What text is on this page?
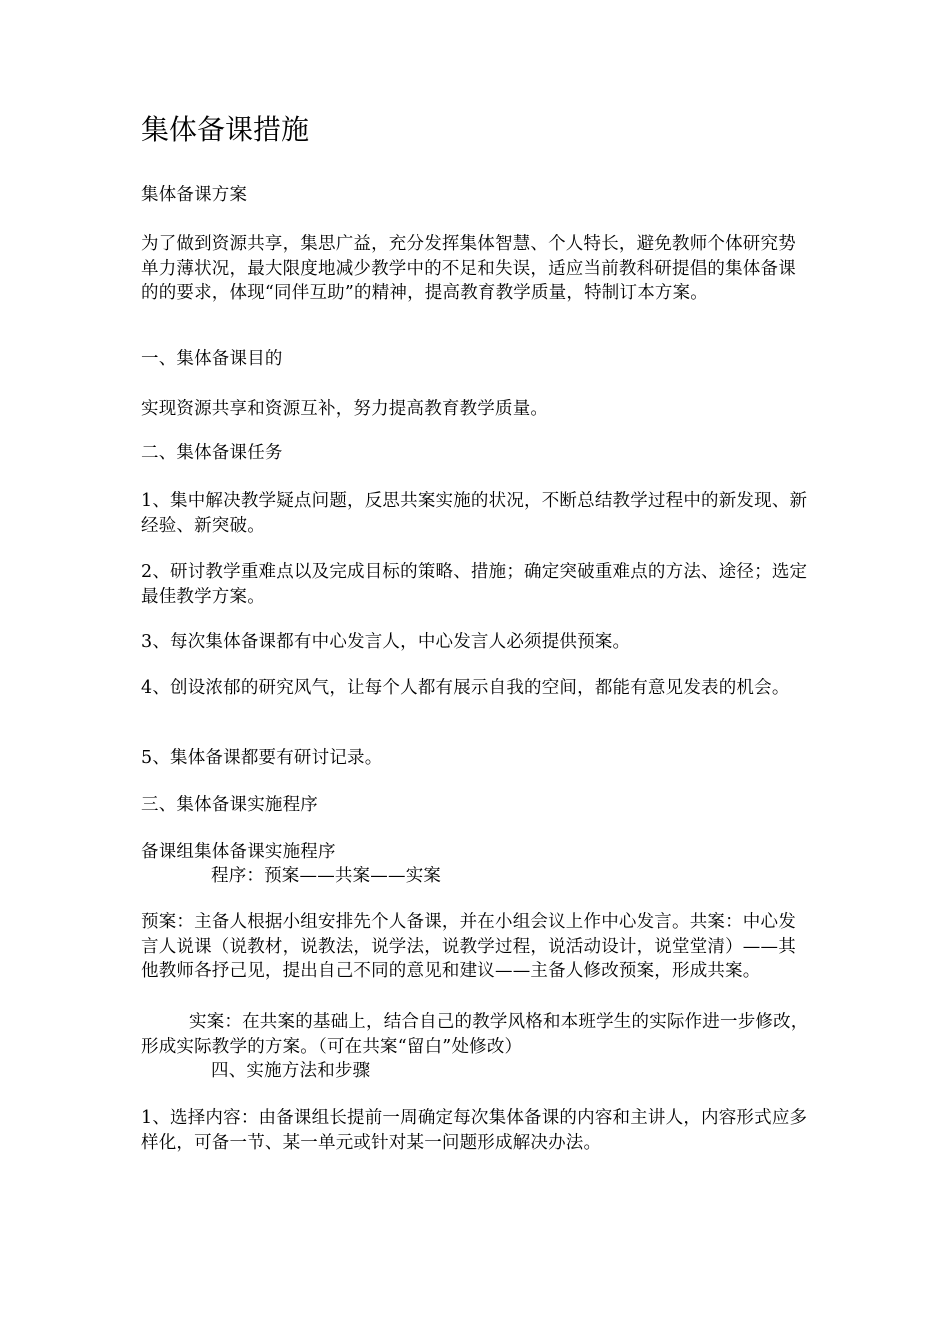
集体备课措施
集体备课方案
为了做到资源共享，集思广益，充分发挥集体智慧、个人特长，避免教师个体研究势单力薄状况，最大限度地减少教学中的不足和失误，适应当前教科研提倡的集体备课的的要求，体现“同伴互助”的精神，提高教育教学质量，特制订本方案。
一、集体备课目的
实现资源共享和资源互补，努力提高教育教学质量。
二、集体备课任务
1、集中解决教学疑点问题，反思共案实施的状况，不断总结教学过程中的新发现、新经验、新突破。
2、研讨教学重难点以及完成目标的策略、措施；确定突破重难点的方法、途径；选定最佳教学方案。
3、每次集体备课都有中心发言人，中心发言人必须提供预案。
4、创设浓郁的研究风气，让每个人都有展示自我的空间，都能有意见发表的机会。
5、集体备课都要有研讨记录。
三、集体备课实施程序
备课组集体备课实施程序
程序：预案——共案——实案
预案：主备人根据小组安排先个人备课，并在小组会议上作中心发言。共案：中心发言人说课（说教材，说教法，说学法，说教学过程，说活动设计，说堂堂清）——其他教师各抒己见，提出自己不同的意见和建议——主备人修改预案，形成共案。
实案：在共案的基础上，结合自己的教学风格和本班学生的实际作进一步修改，形成实际教学的方案。（可在共案“留白”处修改）
四、实施方法和步骤
1、选择内容：由备课组长提前一周确定每次集体备课的内容和主讲人，内容形式应多样化，可备一节、某一单元或针对某一问题形成解决办法。
